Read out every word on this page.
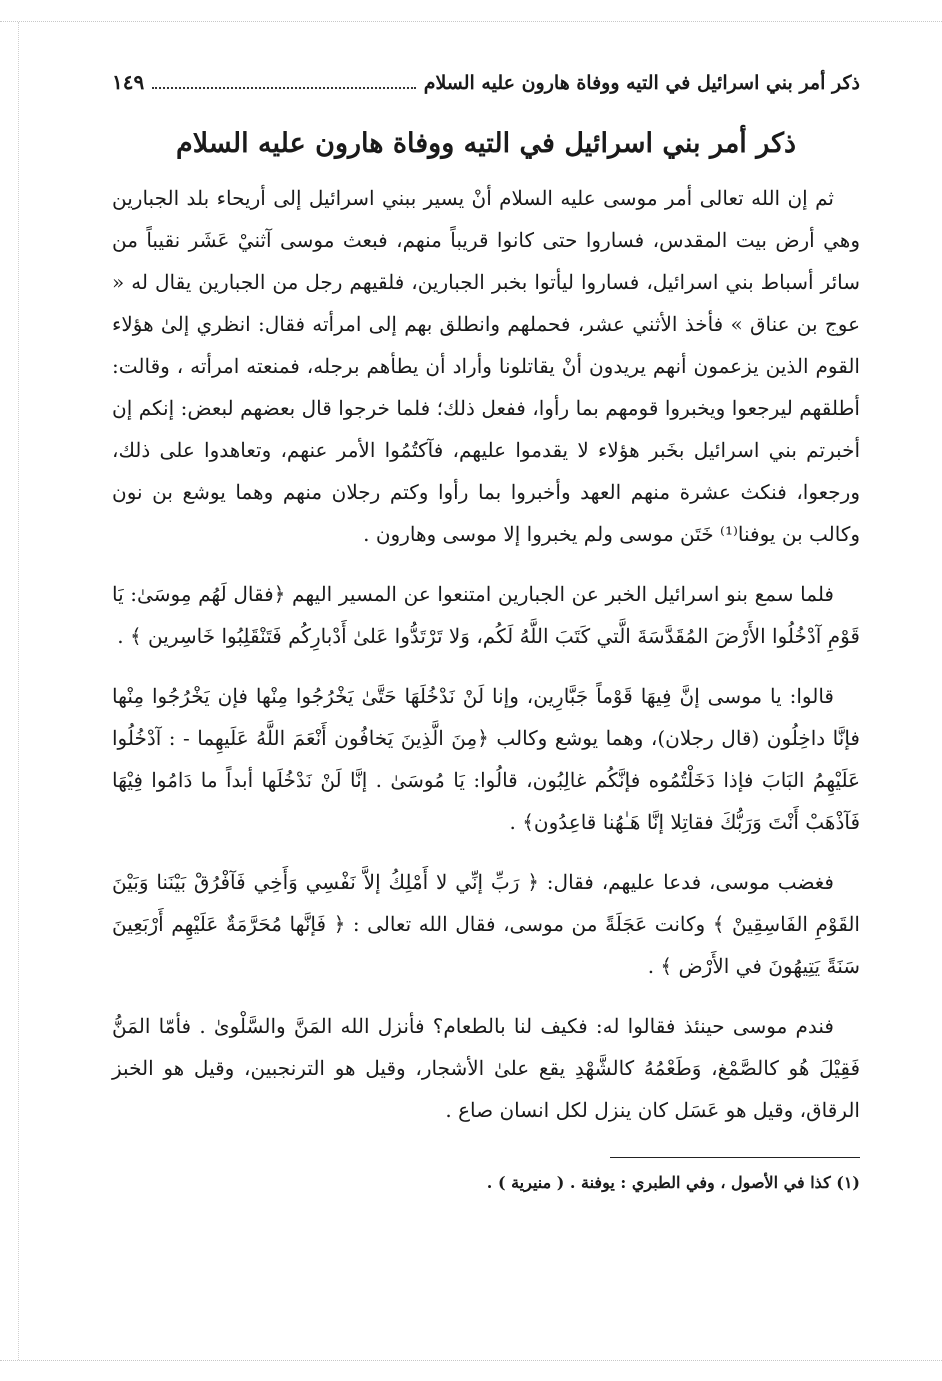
ذكر أمر بني اسرائيل في التيه ووفاة هارون عليه السلام
١٤٩
ذكر أمر بني اسرائيل في التيه ووفاة هارون عليه السلام

ثم إن الله تعالى أمر موسى عليه السلام أنْ يسير ببني اسرائيل إلى أريحاء بلد الجبارين وهي أرض بيت المقدس، فساروا حتى كانوا قريباً منهم، فبعث موسى آثنيْ عَشَر نقيباً من سائر أسباط بني اسرائيل، فساروا ليأتوا بخبر الجبارين، فلقيهم رجل من الجبارين يقال له « عوج بن عناق » فأخذ الأثني عشر، فحملهم وانطلق بهم إلى امرأته فقال: انظري إلىٰ هؤلاء القوم الذين يزعمون أنهم يريدون أنْ يقاتلونا وأراد أن يطأهم برجله، فمنعته امرأته ، وقالت: أطلقهم ليرجعوا ويخبروا قومهم بما رأوا، ففعل ذلك؛ فلما خرجوا قال بعضهم لبعض: إنكم إن أخبرتم بني اسرائيل بخَبر هؤلاء لا يقدموا عليهم، فآكتُمُوا الأمر عنهم، وتعاهدوا على ذلك، ورجعوا، فنكث عشرة منهم العهد وأخبروا بما رأوا وكتم رجلان منهم وهما يوشع بن نون وكالب بن يوفنا⁽¹⁾ خَتَن موسى ولم يخبروا إلا موسى وهارون .

فلما سمع بنو اسرائيل الخبر عن الجبارين امتنعوا عن المسير اليهم ﴿فقال لَهُم مِوسَىٰ: يَا قَوْمِ آدْخُلُوا الأَرْضَ المُقَدَّسَةَ الَّتي كَتَبَ اللَّهُ لَكُم، وَلا تَرْتَدُّوا عَلىٰ أَدْبارِكُم فَتَنْقَلِبُوا خَاسِرين ﴾ .

قالوا: يا موسى إنَّ فِيهَا قَوْماً جَبَّارِين، وإنا لَنْ نَدْخُلَهَا حَتَّىٰ يَخْرُجُوا مِنْها فإن يَخْرُجُوا مِنْها فإنَّا داخِلُون (قال رجلان)، وهما يوشع وكالب ﴿مِنَ الَّذِينَ يَخافُون أَنْعَمَ اللَّهُ عَلَيهِما - : آدْخُلُوا عَلَيْهِمُ البَابَ فإذا دَخَلْتُمُوه فإنَّكُم غالِبُون، قالُوا: يَا مُوسَىٰ . إنَّا لَنْ نَدْخُلَها أبداً ما دَامُوا فِيْهَا فَآذْهَبْ أَنْتَ وَرَبُّكَ فقاتِلا إنَّا هَـٰهُنا قاعِدُون﴾ .

فغضب موسى، فدعا عليهم، فقال: ﴿ رَبِّ إنِّي لا أَمْلِكُ إلاَّ نَفْسِي وَأَخِي فَآفْرُقْ بَيْنَنا وَبَيْنَ القَوْمِ الفَاسِقِينْ ﴾ وكانت عَجَلَةً من موسى، فقال الله تعالى : ﴿ فَإنَّها مُحَرَّمَةٌ عَلَيْهِم أَرْبَعِينَ سَنَةً يَتِيهُونَ في الأَرْض ﴾ .

فندم موسى حينئذ فقالوا له: فكيف لنا بالطعام؟ فأنزل الله المَنَّ والسَّلْوىٰ . فأمّا المَنُّ فَقِيْلَ هُو كالصَّمْغ، وَطَعْمُهُ كالشَّهْدِ يقع علىٰ الأشجار، وقيل هو الترنجبين، وقيل هو الخبز الرقاق، وقيل هو عَسَل كان ينزل لكل انسان صاع .

(١) كذا في الأصول ، وفي الطبري : يوفنة . ( منيرية ) .
